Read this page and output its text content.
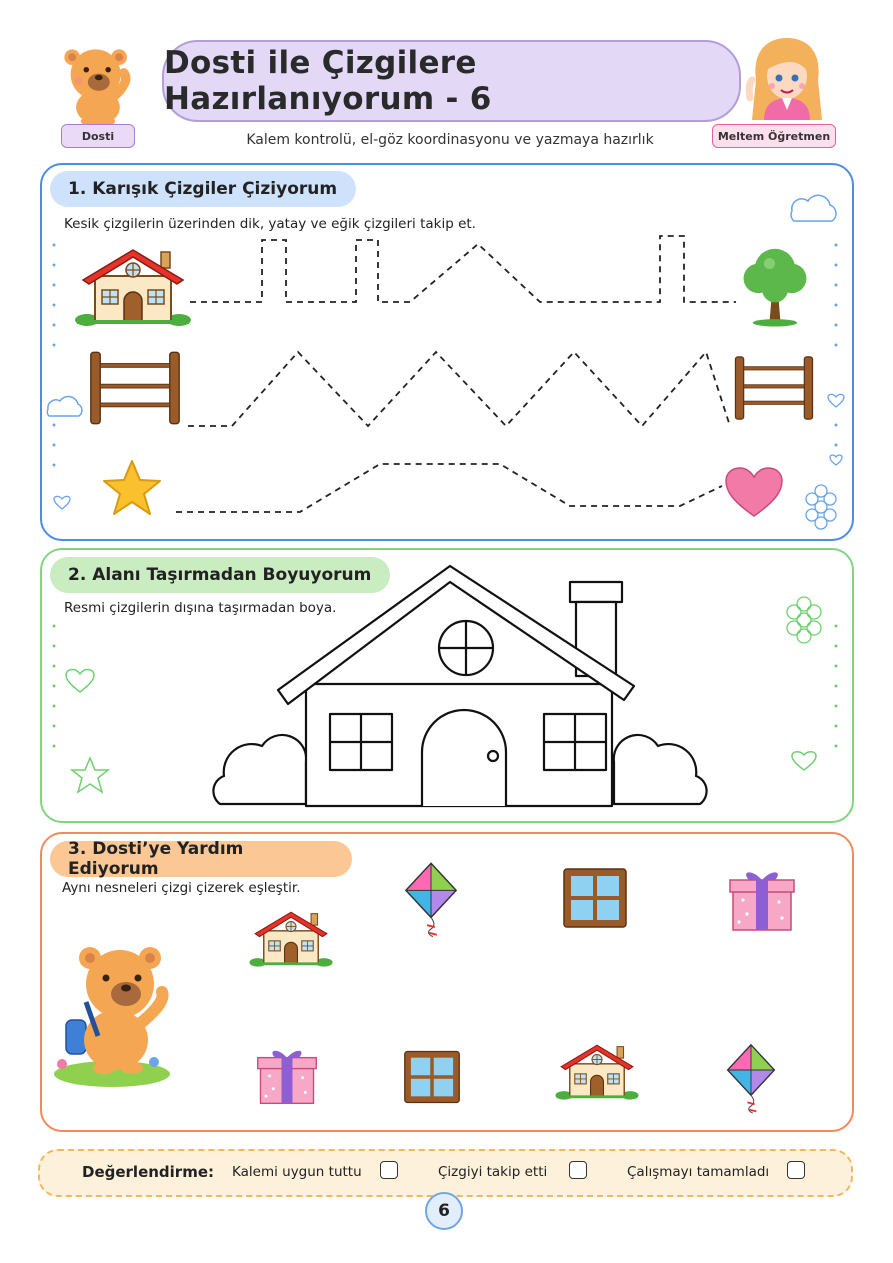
Dosti
Dosti ile Çizgilere Hazırlanıyorum - 6
Kalem kontrolü, el-göz koordinasyonu ve yazmaya hazırlık	Meltem Öğretmen
1. Karışık Çizgiler Çiziyorum
Kesik çizgilerin üzerinden dik, yatay ve eğik çizgileri takip et.
2. Alanı Taşırmadan Boyuyorum
Resmi çizgilerin dışına taşırmadan boya.
3. Dosti’ye Yardım Ediyorum
Aynı nesneleri çizgi çizerek eşleştir.
Değerlendirme: Kalemi uygun tuttu	Çizgiyi takip etti	Çalışmayı tamamladı
6
